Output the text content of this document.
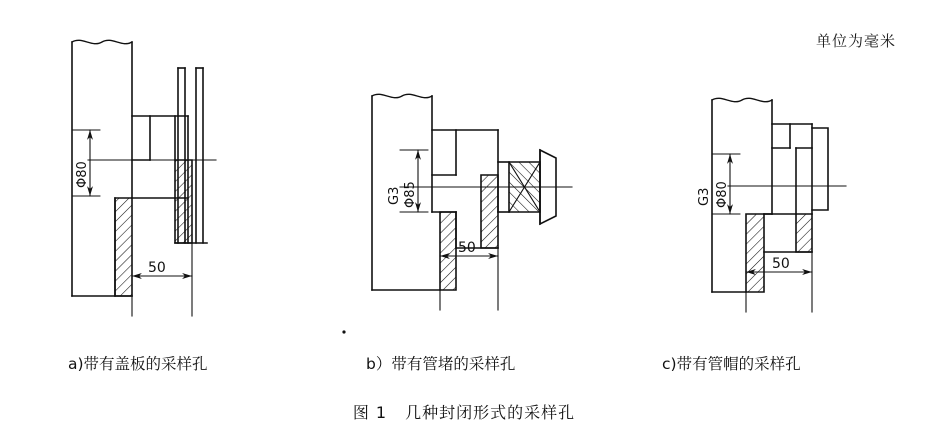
单位为毫米
Φ80
50
G3 Φ85
50
G3 Φ80
50
a)带有盖板的采样孔	b）带有管堵的采样孔	c)带有管帽的采样孔
图 1 几种封闭形式的采样孔
